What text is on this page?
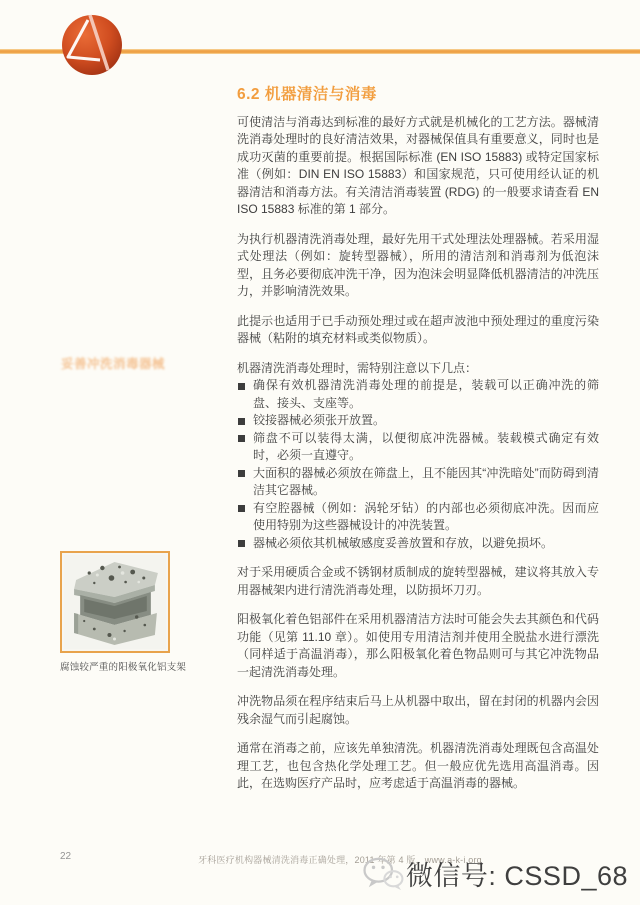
妥善冲洗消毒器械
腐蚀较严重的阳极氧化铝支架
6.2 机器清洁与消毒

可使清洁与消毒达到标准的最好方式就是机械化的工艺方法。器械清洗消毒处理时的良好清洁效果，对器械保值具有重要意义，同时也是成功灭菌的重要前提。根据国际标准 (EN ISO 15883) 或特定国家标准（例如：DIN EN ISO 15883）和国家规范，只可使用经认证的机器清洁和消毒方法。有关清洁消毒装置 (RDG) 的一般要求请查看 EN ISO 15883 标准的第 1 部分。

为执行机器清洗消毒处理，最好先用干式处理法处理器械。若采用湿式处理法（例如：旋转型器械），所用的清洁剂和消毒剂为低泡沫型，且务必要彻底冲洗干净，因为泡沫会明显降低机器清洁的冲洗压力，并影响清洗效果。

此提示也适用于已手动预处理过或在超声波池中预处理过的重度污染器械（粘附的填充材料或类似物质）。

机器清洗消毒处理时，需特别注意以下几点：

确保有效机器清洗消毒处理的前提是，装载可以正确冲洗的筛盘、接头、支座等。
铰接器械必须张开放置。
筛盘不可以装得太满，以便彻底冲洗器械。装载模式确定有效时，必须一直遵守。
大面积的器械必须放在筛盘上，且不能因其“冲洗暗处”而防碍到清洁其它器械。
有空腔器械（例如：涡轮牙钻）的内部也必须彻底冲洗。因而应使用特别为这些器械设计的冲洗装置。
器械必须依其机械敏感度妥善放置和存放，以避免损坏。

对于采用硬质合金或不锈钢材质制成的旋转型器械，建议将其放入专用器械架内进行清洗消毒处理，以防损坏刀刃。

阳极氧化着色铝部件在采用机器清洁方法时可能会失去其颜色和代码功能（见第 11.10 章）。如使用专用清洁剂并使用全脱盐水进行漂洗（同样适于高温消毒），那么阳极氧化着色物品则可与其它冲洗物品一起清洗消毒处理。

冲洗物品须在程序结束后马上从机器中取出，留在封闭的机器内会因残余湿气而引起腐蚀。

通常在消毒之前，应该先单独清洗。机器清洗消毒处理既包含高温处理工艺，也包含热化学处理工艺。但一般应优先选用高温消毒。因此，在选购医疗产品时，应考虑适于高温消毒的器械。

22	牙科医疗机构器械清洗消毒正确处理，2011 年第 4 版，www.a-k-i.org
微信号: CSSD_68
